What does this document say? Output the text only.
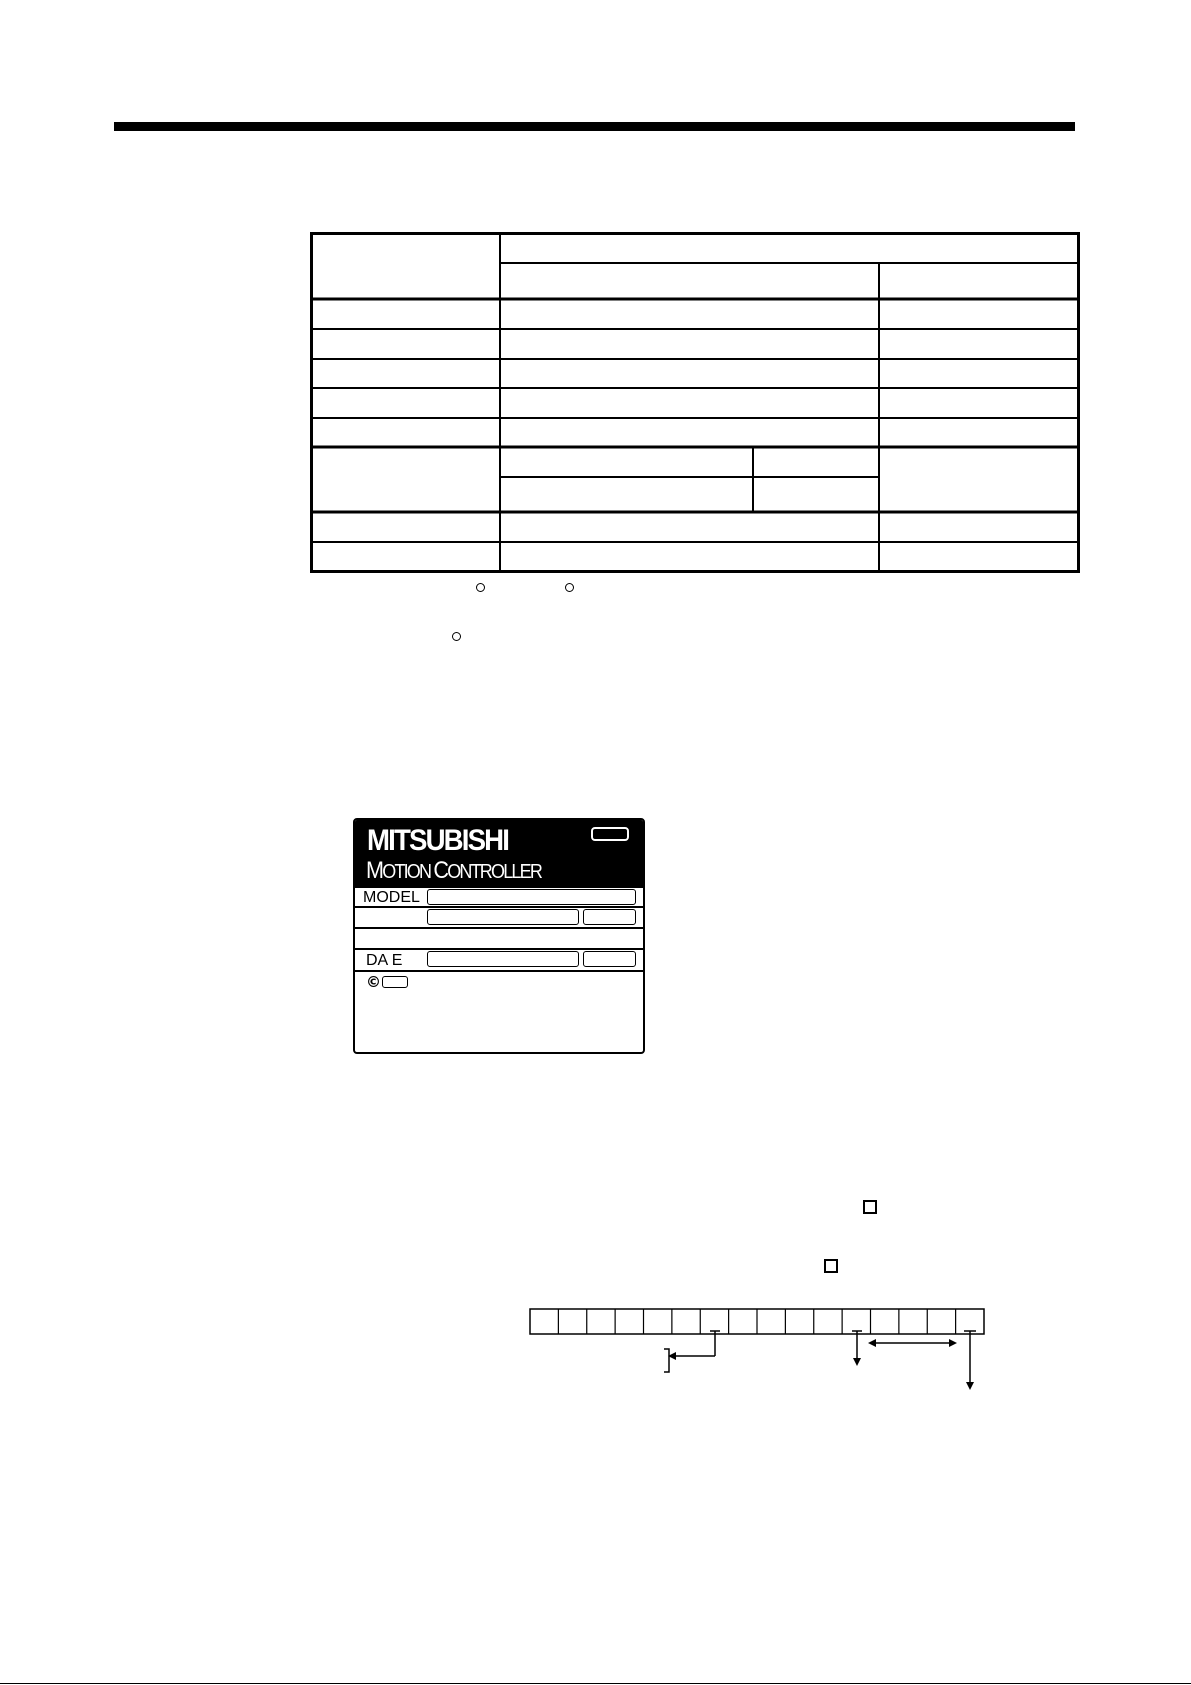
MITSUBISHI
MOTION CONTROLLER
MODEL
DA E
©
